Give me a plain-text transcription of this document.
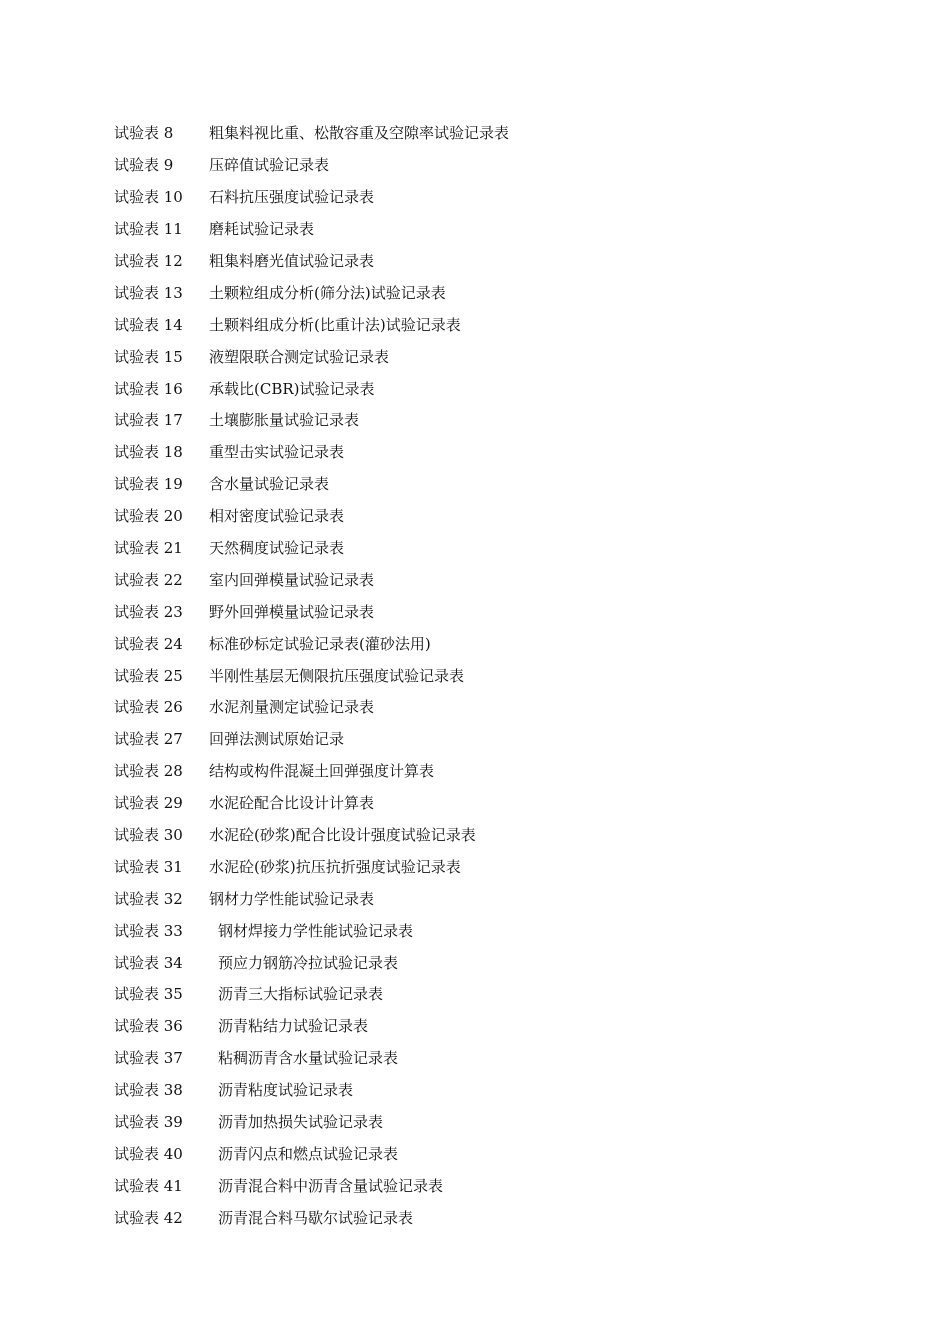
试验表 8	粗集料视比重、松散容重及空隙率试验记录表
试验表 9	压碎值试验记录表
试验表 10	石料抗压强度试验记录表
试验表 11	磨耗试验记录表
试验表 12	粗集料磨光值试验记录表
试验表 13	土颗粒组成分析(筛分法)试验记录表
试验表 14	土颗料组成分析(比重计法)试验记录表
试验表 15	液塑限联合测定试验记录表
试验表 16	承载比(CBR)试验记录表
试验表 17	土壤膨胀量试验记录表
试验表 18	重型击实试验记录表
试验表 19	含水量试验记录表
试验表 20	相对密度试验记录表
试验表 21	天然稠度试验记录表
试验表 22	室内回弹模量试验记录表
试验表 23	野外回弹模量试验记录表
试验表 24	标准砂标定试验记录表(灌砂法用)
试验表 25	半刚性基层无侧限抗压强度试验记录表
试验表 26	水泥剂量测定试验记录表
试验表 27	回弹法测试原始记录
试验表 28	结构或构件混凝土回弹强度计算表
试验表 29	水泥砼配合比设计计算表
试验表 30	水泥砼(砂浆)配合比设计强度试验记录表
试验表 31	水泥砼(砂浆)抗压抗折强度试验记录表
试验表 32	钢材力学性能试验记录表
试验表 33	钢材焊接力学性能试验记录表
试验表 34	预应力钢筋冷拉试验记录表
试验表 35	沥青三大指标试验记录表
试验表 36	沥青粘结力试验记录表
试验表 37	粘稠沥青含水量试验记录表
试验表 38	沥青粘度试验记录表
试验表 39	沥青加热损失试验记录表
试验表 40	沥青闪点和燃点试验记录表
试验表 41	沥青混合料中沥青含量试验记录表
试验表 42	沥青混合料马歇尔试验记录表
